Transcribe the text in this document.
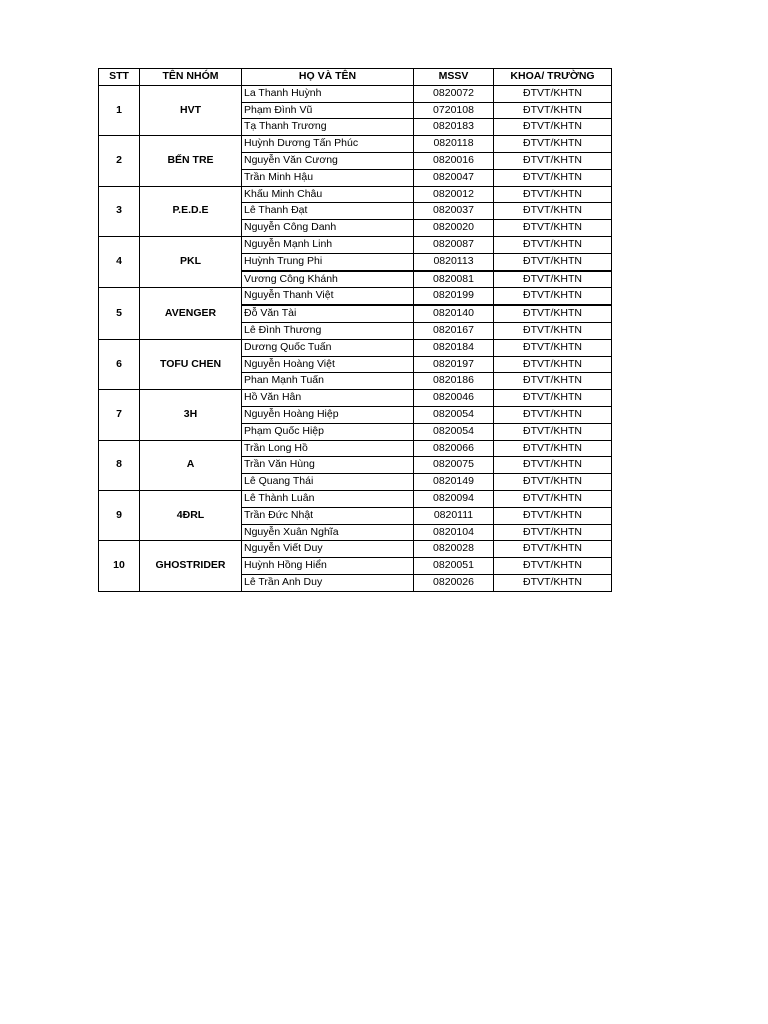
STT	TÊN NHÓM	HỌ VÀ TÊN	MSSV	KHOA/ TRƯỜNG
1	HVT	La Thanh Huỳnh	0820072	ĐTVT/KHTN
		Phạm Đình Vũ	0720108	ĐTVT/KHTN
		Tạ Thanh Trương	0820183	ĐTVT/KHTN
2	BẾN TRE	Huỳnh Dương Tấn Phúc	0820118	ĐTVT/KHTN
		Nguyễn Văn Cương	0820016	ĐTVT/KHTN
		Trần Minh Hậu	0820047	ĐTVT/KHTN
3	P.E.D.E	Khấu Minh Châu	0820012	ĐTVT/KHTN
		Lê Thanh Đạt	0820037	ĐTVT/KHTN
		Nguyễn Công Danh	0820020	ĐTVT/KHTN
4	PKL	Nguyễn Mạnh Linh	0820087	ĐTVT/KHTN
		Huỳnh Trung Phi	0820113	ĐTVT/KHTN
		Vương Công Khánh	0820081	ĐTVT/KHTN
5	AVENGER	Nguyễn Thanh Việt	0820199	ĐTVT/KHTN
		Đỗ Văn Tài	0820140	ĐTVT/KHTN
		Lê Đình Thương	0820167	ĐTVT/KHTN
6	TOFU CHEN	Dương Quốc Tuấn	0820184	ĐTVT/KHTN
		Nguyễn Hoàng Việt	0820197	ĐTVT/KHTN
		Phan Mạnh Tuấn	0820186	ĐTVT/KHTN
7	3H	Hồ Văn Hân	0820046	ĐTVT/KHTN
		Nguyễn Hoàng Hiệp	0820054	ĐTVT/KHTN
		Phạm Quốc Hiệp	0820054	ĐTVT/KHTN
8	A	Trần Long Hồ	0820066	ĐTVT/KHTN
		Trần Văn Hùng	0820075	ĐTVT/KHTN
		Lê Quang Thái	0820149	ĐTVT/KHTN
9	4ĐRL	Lê Thành Luân	0820094	ĐTVT/KHTN
		Trần Đức Nhật	0820111	ĐTVT/KHTN
		Nguyễn Xuân Nghĩa	0820104	ĐTVT/KHTN
10	GHOSTRIDER	Nguyễn Viết Duy	0820028	ĐTVT/KHTN
		Huỳnh Hồng Hiển	0820051	ĐTVT/KHTN
		Lê Trần Anh Duy	0820026	ĐTVT/KHTN
